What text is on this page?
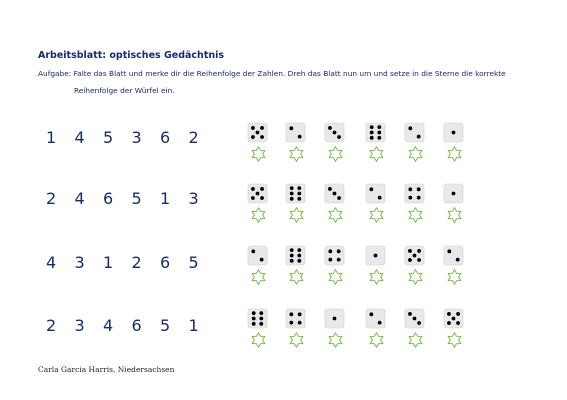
Arbeitsblatt: optisches Gedächtnis
Aufgabe: Falte das Blatt und merke dir die Reihenfolge der Zahlen. Dreh das Blatt nun um und setze in die Sterne die korrekte
Reihenfolge der Würfel ein.
1	4	5	3	6	2
2	4	6	5	1	3
4	3	1	2	6	5
2	3	4	6	5	1
Carla Garcia Harris, Niedersachsen
